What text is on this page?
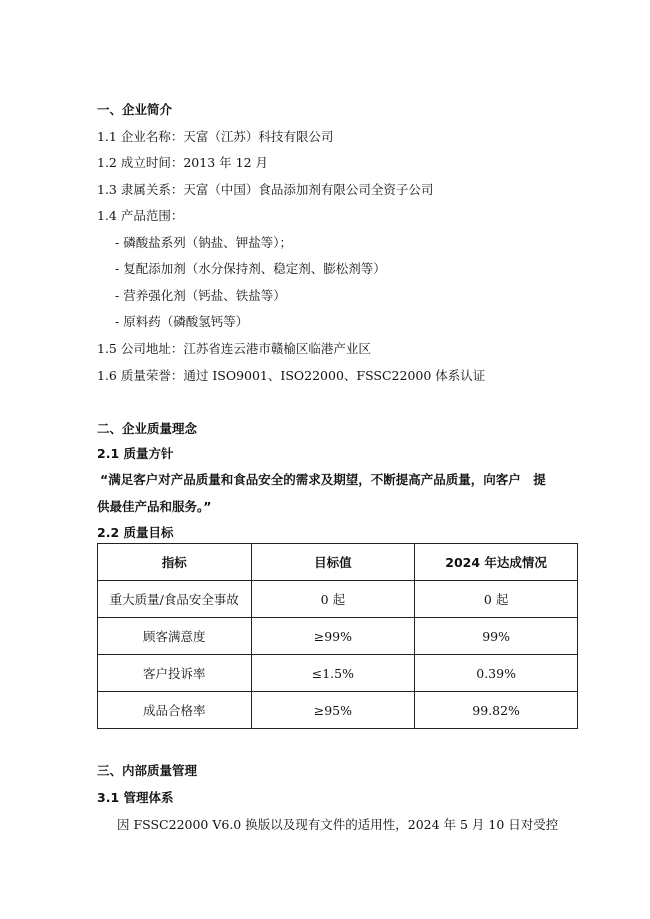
一、企业简介
1.1 企业名称：天富（江苏）科技有限公司
1.2 成立时间：2013 年 12 月
1.3 隶属关系：天富（中国）食品添加剂有限公司全资子公司
1.4 产品范围：
- 磷酸盐系列（钠盐、钾盐等）；
- 复配添加剂（水分保持剂、稳定剂、膨松剂等）
- 营养强化剂（钙盐、铁盐等）
- 原料药（磷酸氢钙等）
1.5 公司地址：江苏省连云港市赣榆区临港产业区
1.6 质量荣誉：通过 ISO9001、ISO22000、FSSC22000 体系认证
二、企业质量理念
2.1 质量方针
“满足客户对产品质量和食品安全的需求及期望，不断提高产品质量，向客户　提
供最佳产品和服务。”
2.2 质量目标
指标	目标值	2024 年达成情况
重大质量/食品安全事故	0 起	0 起
顾客满意度	≥99%	99%
客户投诉率	≤1.5%	0.39%
成品合格率	≥95%	99.82%
三、内部质量管理
3.1 管理体系
因 FSSC22000 V6.0 换版以及现有文件的适用性，2024 年 5 月 10 日对受控
